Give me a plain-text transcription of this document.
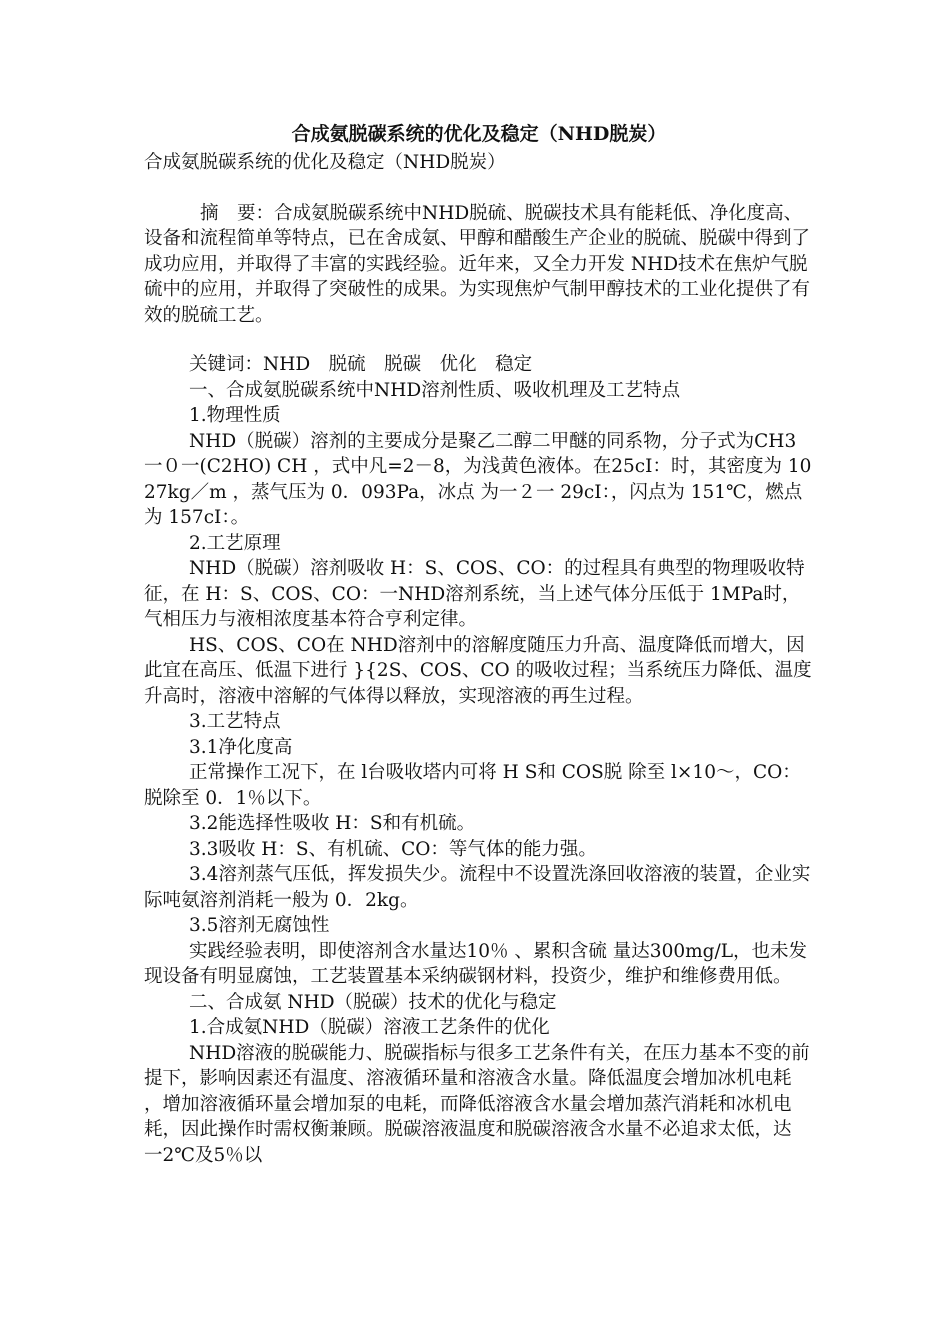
合成氨脱碳系统的优化及稳定（NHD脱炭）

合成氨脱碳系统的优化及稳定（NHD脱炭）

摘　要：合成氨脱碳系统中NHD脱硫、脱碳技术具有能耗低、净化度高、设备和流程简单等特点，已在舍成氨、甲醇和醋酸生产企业的脱硫、脱碳中得到了成功应用，并取得了丰富的实践经验。近年来，又全力开发 NHD技术在焦炉气脱硫中的应用，并取得了突破性的成果。为实现焦炉气制甲醇技术的工业化提供了有效的脱硫工艺。

关键词：NHD　脱硫　脱碳　优化　稳定

一、合成氨脱碳系统中NHD溶剂性质、吸收机理及工艺特点

1.物理性质

NHD（脱碳）溶剂的主要成分是聚乙二醇二甲醚的同系物，分子式为CH3一０一(C2HO) CH ，式中凡=2－8，为浅黄色液体。在25cI：时，其密度为 1027kg／m ，蒸气压为 0．093Pa，冰点 为一２一 29cI：，闪点为 151℃，燃点为 157cI：。

2.工艺原理

NHD（脱碳）溶剂吸收 H：S、COS、CO：的过程具有典型的物理吸收特征，在 H：S、COS、CO：一NHD溶剂系统，当上述气体分压低于 1MPa时，气相压力与液相浓度基本符合亨利定律。

HS、COS、CO在 NHD溶剂中的溶解度随压力升高、温度降低而增大，因此宜在高压、低温下进行 }{2S、COS、CO 的吸收过程；当系统压力降低、温度升高时，溶液中溶解的气体得以释放，实现溶液的再生过程。

3.工艺特点

3.1净化度高

正常操作工况下，在 l台吸收塔内可将 H S和 COS脱 除至 l×10～，CO：脱除至 0．1％以下。

3.2能选择性吸收 H：S和有机硫。

3.3吸收 H：S、有机硫、CO：等气体的能力强。

3.4溶剂蒸气压低，挥发损失少。流程中不设置洗涤回收溶液的装置，企业实际吨氨溶剂消耗一般为 0．2kg。

3.5溶剂无腐蚀性

实践经验表明，即使溶剂含水量达10％ 、累积含硫 量达300mg/L，也未发现设备有明显腐蚀，工艺装置基本采纳碳钢材料，投资少，维护和维修费用低。

二、合成氨 NHD（脱碳）技术的优化与稳定

1.合成氨NHD（脱碳）溶液工艺条件的优化

NHD溶液的脱碳能力、脱碳指标与很多工艺条件有关，在压力基本不变的前提下，影响因素还有温度、溶液循环量和溶液含水量。降低温度会增加冰机电耗 ，增加溶液循环量会增加泵的电耗，而降低溶液含水量会增加蒸汽消耗和冰机电耗，因此操作时需权衡兼顾。脱碳溶液温度和脱碳溶液含水量不必追求太低，达 一2℃及5％以
